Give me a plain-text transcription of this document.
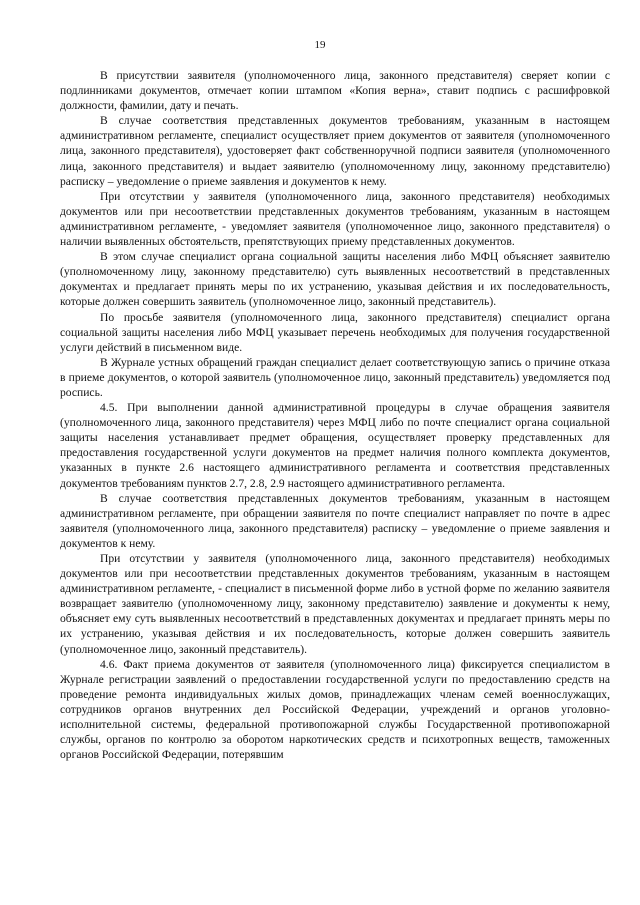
19

В присутствии заявителя (уполномоченного лица, законного представителя) сверяет копии с подлинниками документов, отмечает копии штампом «Копия верна», ставит подпись с расшифровкой должности, фамилии, дату и печать.

В случае соответствия представленных документов требованиям, указанным в настоящем административном регламенте, специалист осуществляет прием документов от заявителя (уполномоченного лица, законного представителя), удостоверяет факт собственноручной подписи заявителя (уполномоченного лица, законного представителя) и выдает заявителю (уполномоченному лицу, законному представителю) расписку – уведомление о приеме заявления и документов к нему.

При отсутствии у заявителя (уполномоченного лица, законного представителя) необходимых документов или при несоответствии представленных документов требованиям, указанным в настоящем административном регламенте, - уведомляет заявителя (уполномоченное лицо, законного представителя) о наличии выявленных обстоятельств, препятствующих приему представленных документов.

В этом случае специалист органа социальной защиты населения либо МФЦ объясняет заявителю (уполномоченному лицу, законному представителю) суть выявленных несоответствий в представленных документах и предлагает принять меры по их устранению, указывая действия и их последовательность, которые должен совершить заявитель (уполномоченное лицо, законный представитель).

По просьбе заявителя (уполномоченного лица, законного представителя) специалист органа социальной защиты населения либо МФЦ указывает перечень необходимых для получения государственной услуги действий в письменном виде.

В Журнале устных обращений граждан специалист делает соответствующую запись о причине отказа в приеме документов, о которой заявитель (уполномоченное лицо, законный представитель) уведомляется под роспись.

4.5. При выполнении данной административной процедуры в случае обращения заявителя (уполномоченного лица, законного представителя) через МФЦ либо по почте специалист органа социальной защиты населения устанавливает предмет обращения, осуществляет проверку представленных для предоставления государственной услуги документов на предмет наличия полного комплекта документов, указанных в пункте 2.6 настоящего административного регламента и соответствия представленных документов требованиям пунктов 2.7, 2.8, 2.9 настоящего административного регламента.

В случае соответствия представленных документов требованиям, указанным в настоящем административном регламенте, при обращении заявителя по почте специалист направляет по почте в адрес заявителя (уполномоченного лица, законного представителя) расписку – уведомление о приеме заявления и документов к нему.

При отсутствии у заявителя (уполномоченного лица, законного представителя) необходимых документов или при несоответствии представленных документов требованиям, указанным в настоящем административном регламенте, - специалист в письменной форме либо в устной форме по желанию заявителя возвращает заявителю (уполномоченному лицу, законному представителю) заявление и документы к нему, объясняет ему суть выявленных несоответствий в представленных документах и предлагает принять меры по их устранению, указывая действия и их последовательность, которые должен совершить заявитель (уполномоченное лицо, законный представитель).

4.6. Факт приема документов от заявителя (уполномоченного лица) фиксируется специалистом в Журнале регистрации заявлений о предоставлении государственной услуги по предоставлению средств на проведение ремонта индивидуальных жилых домов, принадлежащих членам семей военнослужащих, сотрудников органов внутренних дел Российской Федерации, учреждений и органов уголовно-исполнительной системы, федеральной противопожарной службы Государственной противопожарной службы, органов по контролю за оборотом наркотических средств и психотропных веществ, таможенных органов Российской Федерации, потерявшим
